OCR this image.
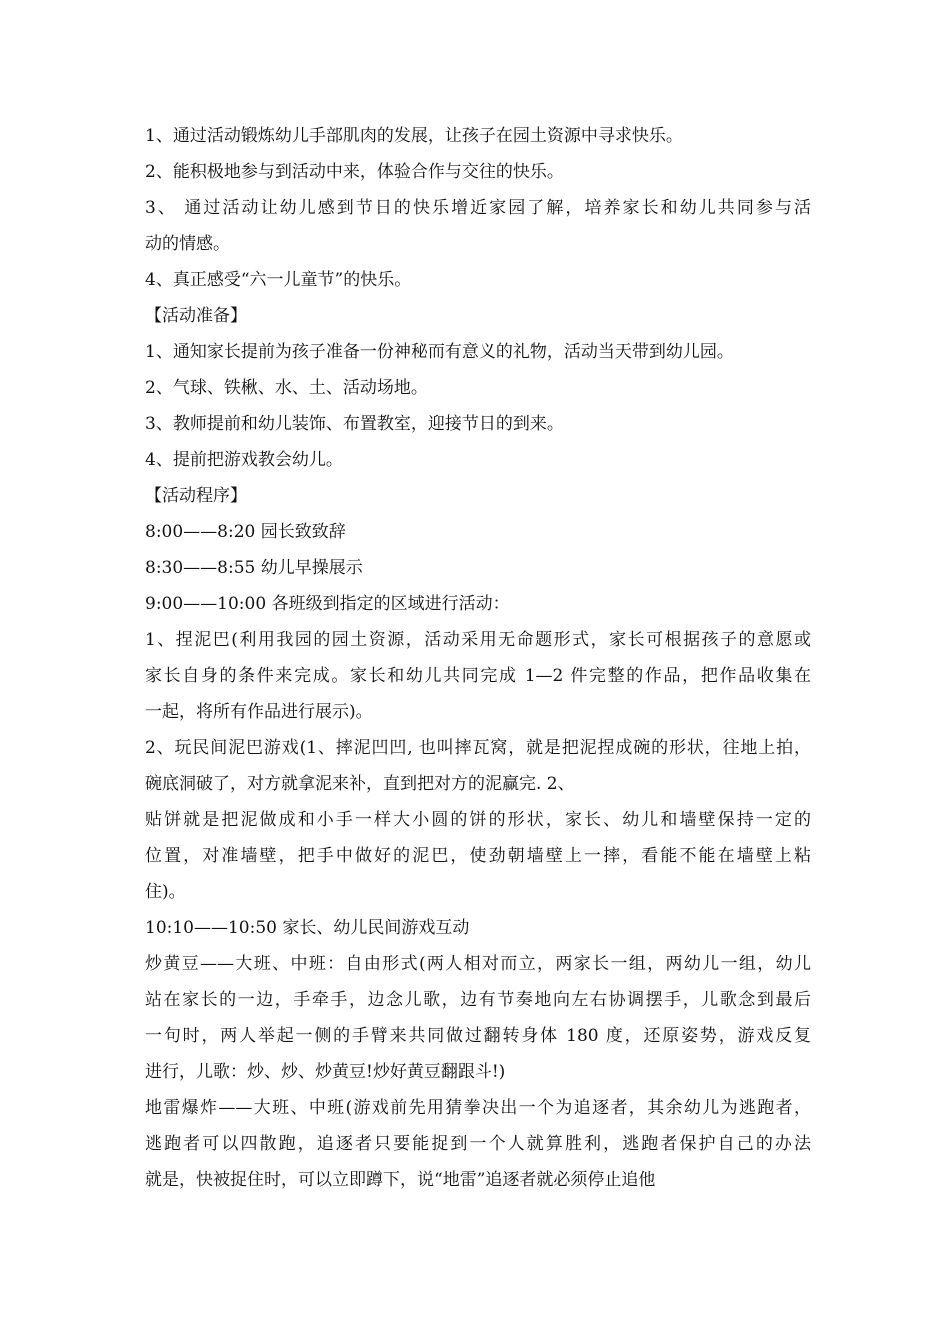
1、通过活动锻炼幼儿手部肌肉的发展，让孩子在园土资源中寻求快乐。
2、能积极地参与到活动中来，体验合作与交往的快乐。
3、 通过活动让幼儿感到节日的快乐增近家园了解，培养家长和幼儿共同参与活
动的情感。
4、真正感受“六一儿童节”的快乐。
【活动准备】
1、通知家长提前为孩子准备一份神秘而有意义的礼物，活动当天带到幼儿园。
2、气球、铁楸、水、土、活动场地。
3、教师提前和幼儿装饰、布置教室，迎接节日的到来。
4、提前把游戏教会幼儿。
【活动程序】
8:00——8:20 园长致致辞
8:30——8:55 幼儿早操展示
9:00——10:00 各班级到指定的区域进行活动：
1、捏泥巴(利用我园的园土资源，活动采用无命题形式，家长可根据孩子的意愿或
家长自身的条件来完成。家长和幼儿共同完成 1—2 件完整的作品，把作品收集在
一起，将所有作品进行展示)。
2、玩民间泥巴游戏(1、摔泥凹凹, 也叫摔瓦窝，就是把泥捏成碗的形状，往地上拍，
碗底洞破了，对方就拿泥来补，直到把对方的泥赢完. 2、
贴饼就是把泥做成和小手一样大小圆的饼的形状，家长、幼儿和墙壁保持一定的
位置，对准墙壁，把手中做好的泥巴，使劲朝墙壁上一摔，看能不能在墙壁上粘
住)。
10:10——10:50 家长、幼儿民间游戏互动
炒黄豆——大班、中班：自由形式(两人相对而立，两家长一组，两幼儿一组，幼儿
站在家长的一边，手牵手，边念儿歌，边有节奏地向左右协调摆手，儿歌念到最后
一句时，两人举起一侧的手臂来共同做过翻转身体 180 度，还原姿势，游戏反复
进行，儿歌：炒、炒、炒黄豆!炒好黄豆翻跟斗!)
地雷爆炸——大班、中班(游戏前先用猜拳决出一个为追逐者，其余幼儿为逃跑者，
逃跑者可以四散跑，追逐者只要能捉到一个人就算胜利，逃跑者保护自己的办法
就是，快被捉住时，可以立即蹲下，说“地雷”追逐者就必须停止追他
